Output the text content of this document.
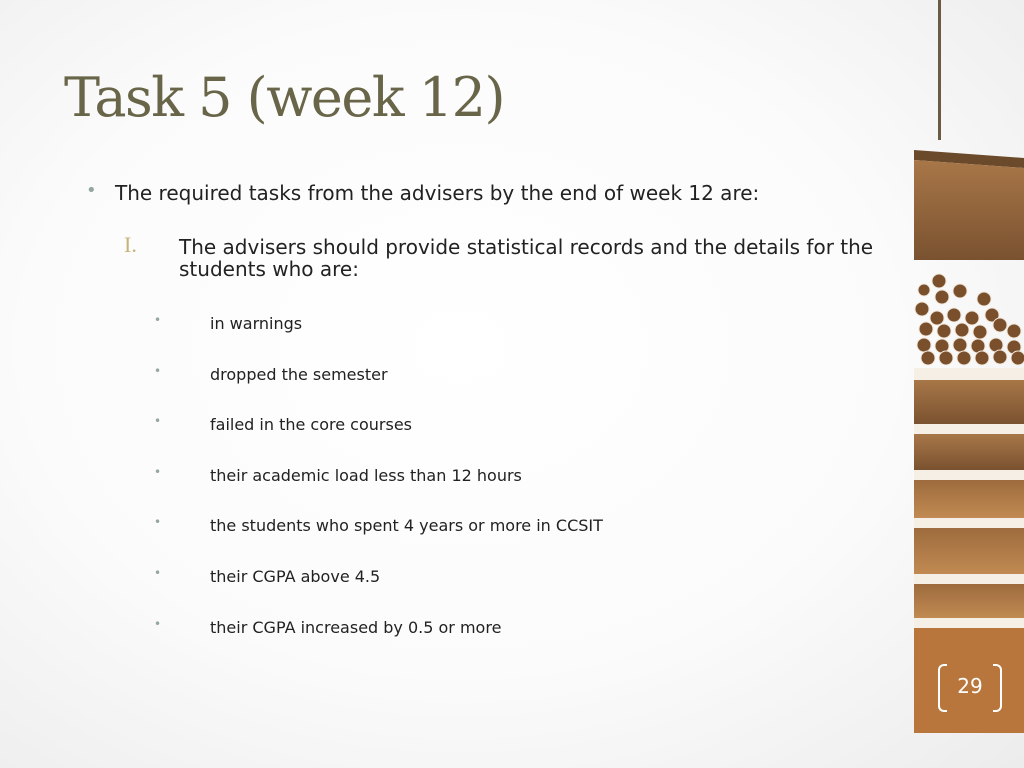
Task 5 (week 12)
• The required tasks from the advisers by the end of week 12 are:
I. The advisers should provide statistical records and the details for the students who are:
•	in warnings
•	dropped the semester
•	failed in the core courses
•	their academic load less than 12 hours
•	the students who spent 4 years or more in CCSIT
•	their CGPA above 4.5
•	their CGPA increased by 0.5 or more
29
